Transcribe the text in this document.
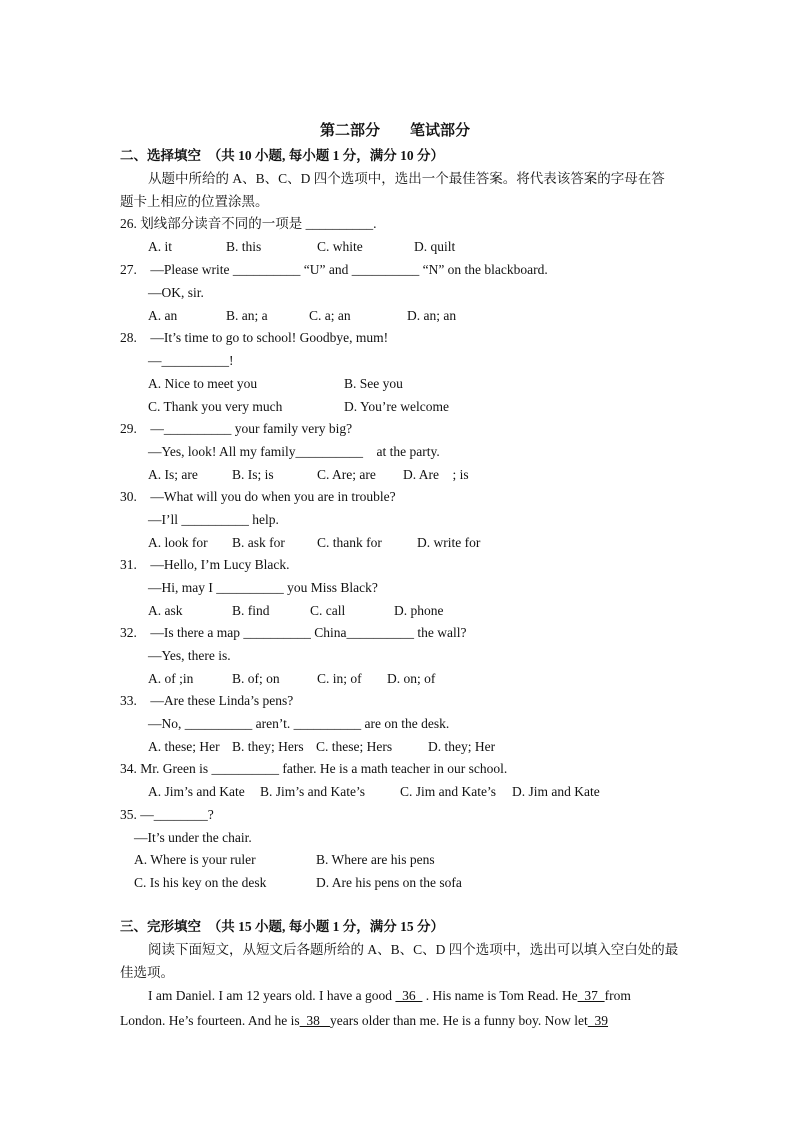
第二部分　　笔试部分
二、选择填空　（共 10 小题, 每小题 1 分，满分 10 分）
从题中所给的 A、B、C、D 四个选项中，选出一个最佳答案。将代表该答案的字母在答
题卡上相应的位置涂黑。
26. 划线部分读音不同的一项是 __________.
A. it	B. this	C. white	D. quilt
27.　—Please write __________ “U” and __________ “N” on the blackboard.
—OK, sir.
A. an	B. an; a	C. a; an	D. an; an
28.　—It’s time to go to school! Goodbye, mum!
—__________!
A. Nice to meet you	B. See you
C. Thank you very much	D. You’re welcome
29.　—__________ your family very big?
—Yes, look! All my family__________　at the party.
A. Is; are	B. Is; is	C. Are; are D. Are　; is
30.　—What will you do when you are in trouble?
—I’ll __________ help.
A. look for B. ask for C. thank for	D. write for
31.　—Hello, I’m Lucy Black.
—Hi, may I __________ you Miss Black?
A. ask	B. find	C. call	D. phone
32.　—Is there a map __________ China__________ the wall?
—Yes, there is.
A. of ;in	B. of; on	C. in; of D. on; of
33.　—Are these Linda’s pens?
—No, __________ aren’t. __________ are on the desk.
A. these; Her B. they; Hers C. these; Hers	D. they; Her
34. Mr. Green is __________ father. He is a math teacher in our school.
A. Jim’s and Kate B. Jim’s and Kate’s	C. Jim and Kate’s D. Jim and Kate
35. —________?
—It’s under the chair.
A. Where is your ruler	B. Where are his pens
C. Is his key on the desk	D. Are his pens on the sofa
三、完形填空　（共 15 小题, 每小题 1 分，满分 15 分）
阅读下面短文，从短文后各题所给的 A、B、C、D 四个选项中，选出可以填入空白处的最
佳选项。
I am Daniel. I am 12 years old. I have a good   36   . His name is Tom Read. He  37  from
London. He’s fourteen. And he is  38   years older than me. He is a funny boy. Now let  39
